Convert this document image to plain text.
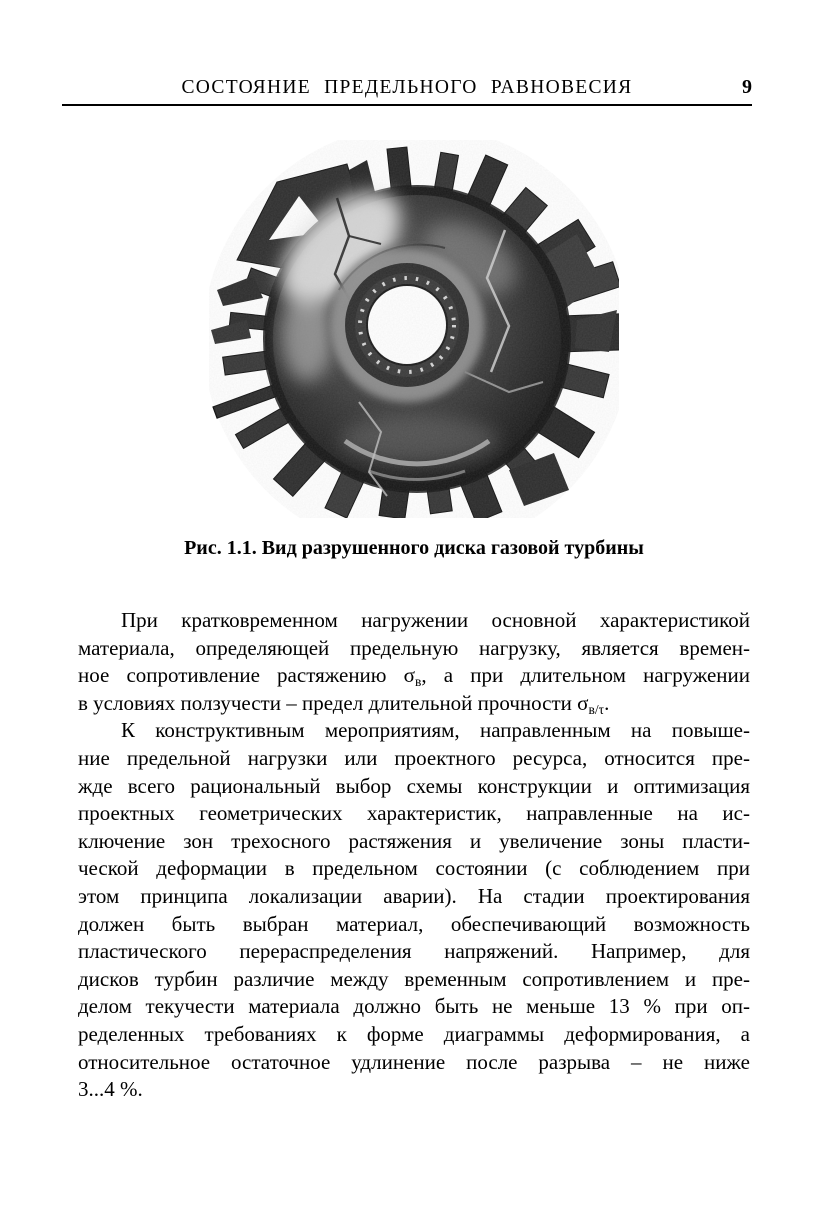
СОСТОЯНИЕ ПРЕДЕЛЬНОГО РАВНОВЕСИЯ	9
Рис. 1.1. Вид разрушенного диска газовой турбины
При кратковременном нагружении основной характеристикой
материала, определяющей предельную нагрузку, является времен-
ное сопротивление растяжению $\sigma_в$, а при длительном нагружении
в условиях ползучести – предел длительной прочности $\sigma_{в/\tau}$.
К конструктивным мероприятиям, направленным на повыше-
ние предельной нагрузки или проектного ресурса, относится пре-
жде всего рациональный выбор схемы конструкции и оптимизация
проектных геометрических характеристик, направленные на ис-
ключение зон трехосного растяжения и увеличение зоны пласти-
ческой деформации в предельном состоянии (с соблюдением при
этом принципа локализации аварии). На стадии проектирования
должен быть выбран материал, обеспечивающий возможность
пластического перераспределения напряжений. Например, для
дисков турбин различие между временным сопротивлением и пре-
делом текучести материала должно быть не меньше 13 % при оп-
ределенных требованиях к форме диаграммы деформирования, а
относительное остаточное удлинение после разрыва – не ниже
3...4 %.
